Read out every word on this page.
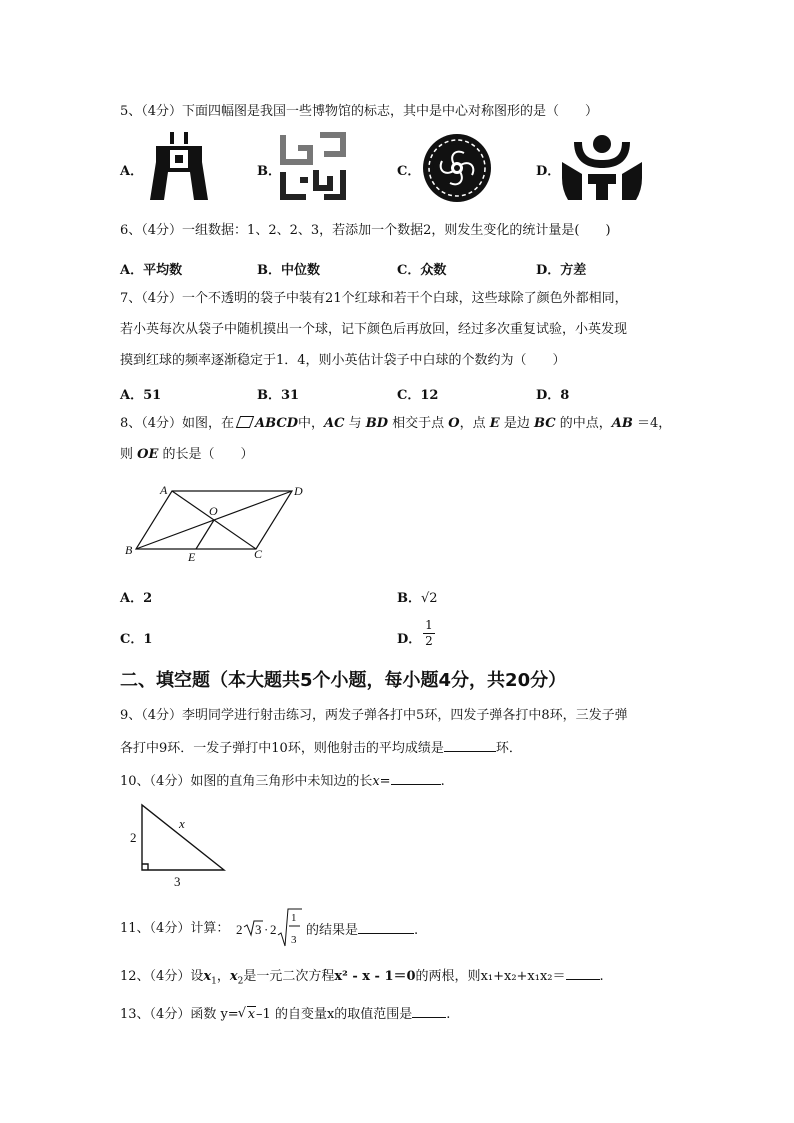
5、（4分）下面四幅图是我国一些博物馆的标志，其中是中心对称图形的是（　　）
A．	B．	C．	D．
6、（4分）一组数据：1、2、2、3，若添加一个数据2，则发生变化的统计量是(　　)
A．平均数	B．中位数	C．众数	D．方差
7、（4分）一个不透明的袋子中装有21个红球和若干个白球，这些球除了颜色外都相同，
若小英每次从袋子中随机摸出一个球，记下颜色后再放回，经过多次重复试验，小英发现
摸到红球的频率逐渐稳定于1．4，则小英估计袋子中白球的个数约为（　　）
A．51	B．31	C．12	D．8
8、（4分）如图，在 ABCD中，AC 与 BD 相交于点 O，点 E 是边 BC 的中点，AB ＝4，
则 OE 的长是（　　）
A	D
B	C
O
E
A．2	B．√2
C．1	D． $\frac{1}{2}$
二、填空题（本大题共5个小题，每小题4分，共20分）
9、（4分）李明同学进行射击练习，两发子弹各打中5环，四发子弹各打中8环，三发子弹
各打中9环．一发子弹打中10环，则他射击的平均成绩是	环．
10、（4分）如图的直角三角形中未知边的长x=	.
2
3
x
11、（4分）计算： 2 3 · 2
1
3
的结果是	.
12、（4分）设$x_1$，$x_2$是一元二次方程x² - x - 1＝0的两根，则x₁+x₂+x₁x₂＝	.
13、（4分）函数 y= √ x–1 的自变量x的取值范围是	.
